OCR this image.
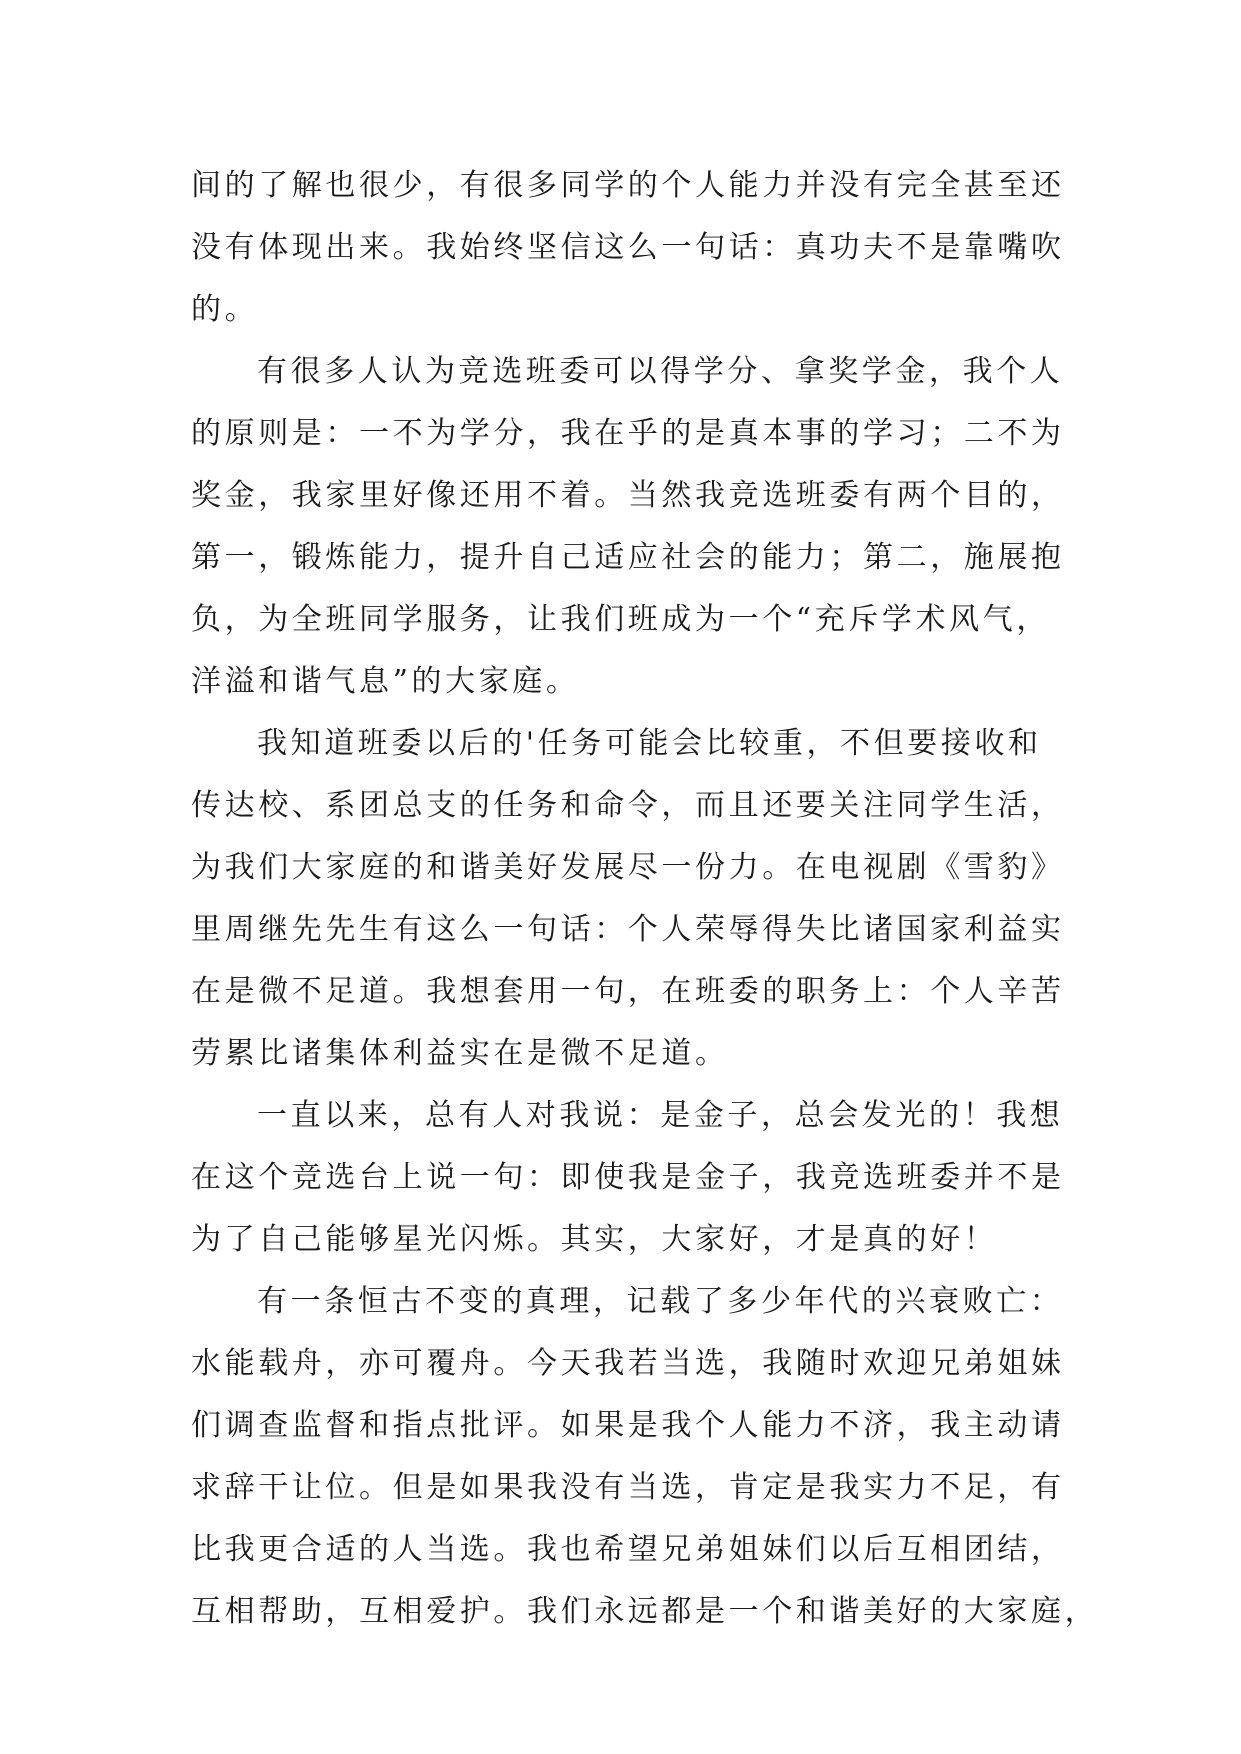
间的了解也很少，有很多同学的个人能力并没有完全甚至还
没有体现出来。我始终坚信这么一句话：真功夫不是靠嘴吹
的。
有很多人认为竞选班委可以得学分、拿奖学金，我个人
的原则是：一不为学分，我在乎的是真本事的学习；二不为
奖金，我家里好像还用不着。当然我竞选班委有两个目的，
第一，锻炼能力，提升自己适应社会的能力；第二，施展抱
负，为全班同学服务，让我们班成为一个“充斥学术风气，
洋溢和谐气息”的大家庭。
我知道班委以后的'任务可能会比较重，不但要接收和
传达校、系团总支的任务和命令，而且还要关注同学生活，
为我们大家庭的和谐美好发展尽一份力。在电视剧《雪豹》
里周继先先生有这么一句话：个人荣辱得失比诸国家利益实
在是微不足道。我想套用一句，在班委的职务上：个人辛苦
劳累比诸集体利益实在是微不足道。
一直以来，总有人对我说：是金子，总会发光的！我想
在这个竞选台上说一句：即使我是金子，我竞选班委并不是
为了自己能够星光闪烁。其实，大家好，才是真的好！
有一条恒古不变的真理，记载了多少年代的兴衰败亡：
水能载舟，亦可覆舟。今天我若当选，我随时欢迎兄弟姐妹
们调查监督和指点批评。如果是我个人能力不济，我主动请
求辞干让位。但是如果我没有当选，肯定是我实力不足，有
比我更合适的人当选。我也希望兄弟姐妹们以后互相团结，
互相帮助，互相爱护。我们永远都是一个和谐美好的大家庭，
